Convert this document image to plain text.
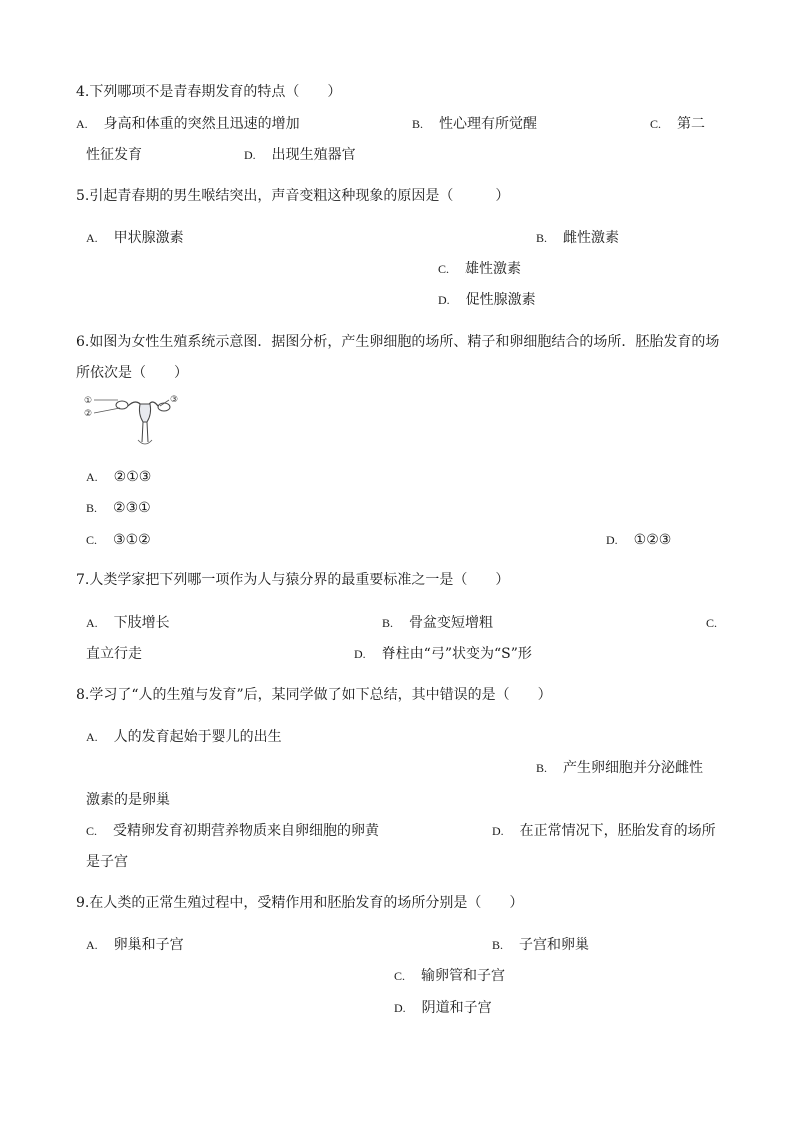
4.下列哪项不是青春期发育的特点（　　）
A. 身高和体重的突然且迅速的增加	B. 性心理有所觉醒	C. 第二
性征发育	D. 出现生殖器官
5.引起青春期的男生喉结突出，声音变粗这种现象的原因是（　　　）
A. 甲状腺激素	B. 雌性激素
C. 雄性激素
D. 促性腺激素
6.如图为女性生殖系统示意图．据图分析，产生卵细胞的场所、精子和卵细胞结合的场所．胚胎发育的场
所依次是（　　）
①
②
③
A. ②①③
B. ②③①
C. ③①②	D. ①②③
7.人类学家把下列哪一项作为人与猿分界的最重要标准之一是（　　）
A. 下肢增长	B. 骨盆变短增粗	C.
直立行走	D. 脊柱由“弓”状变为“S”形
8.学习了“人的生殖与发育”后，某同学做了如下总结，其中错误的是（　　）
A. 人的发育起始于婴儿的出生
B. 产生卵细胞并分泌雌性
激素的是卵巢
C. 受精卵发育初期营养物质来自卵细胞的卵黄	D. 在正常情况下，胚胎发育的场所
是子宫
9.在人类的正常生殖过程中，受精作用和胚胎发育的场所分别是（　　）
A. 卵巢和子宫	B. 子宫和卵巢
C. 输卵管和子宫
D. 阴道和子宫
